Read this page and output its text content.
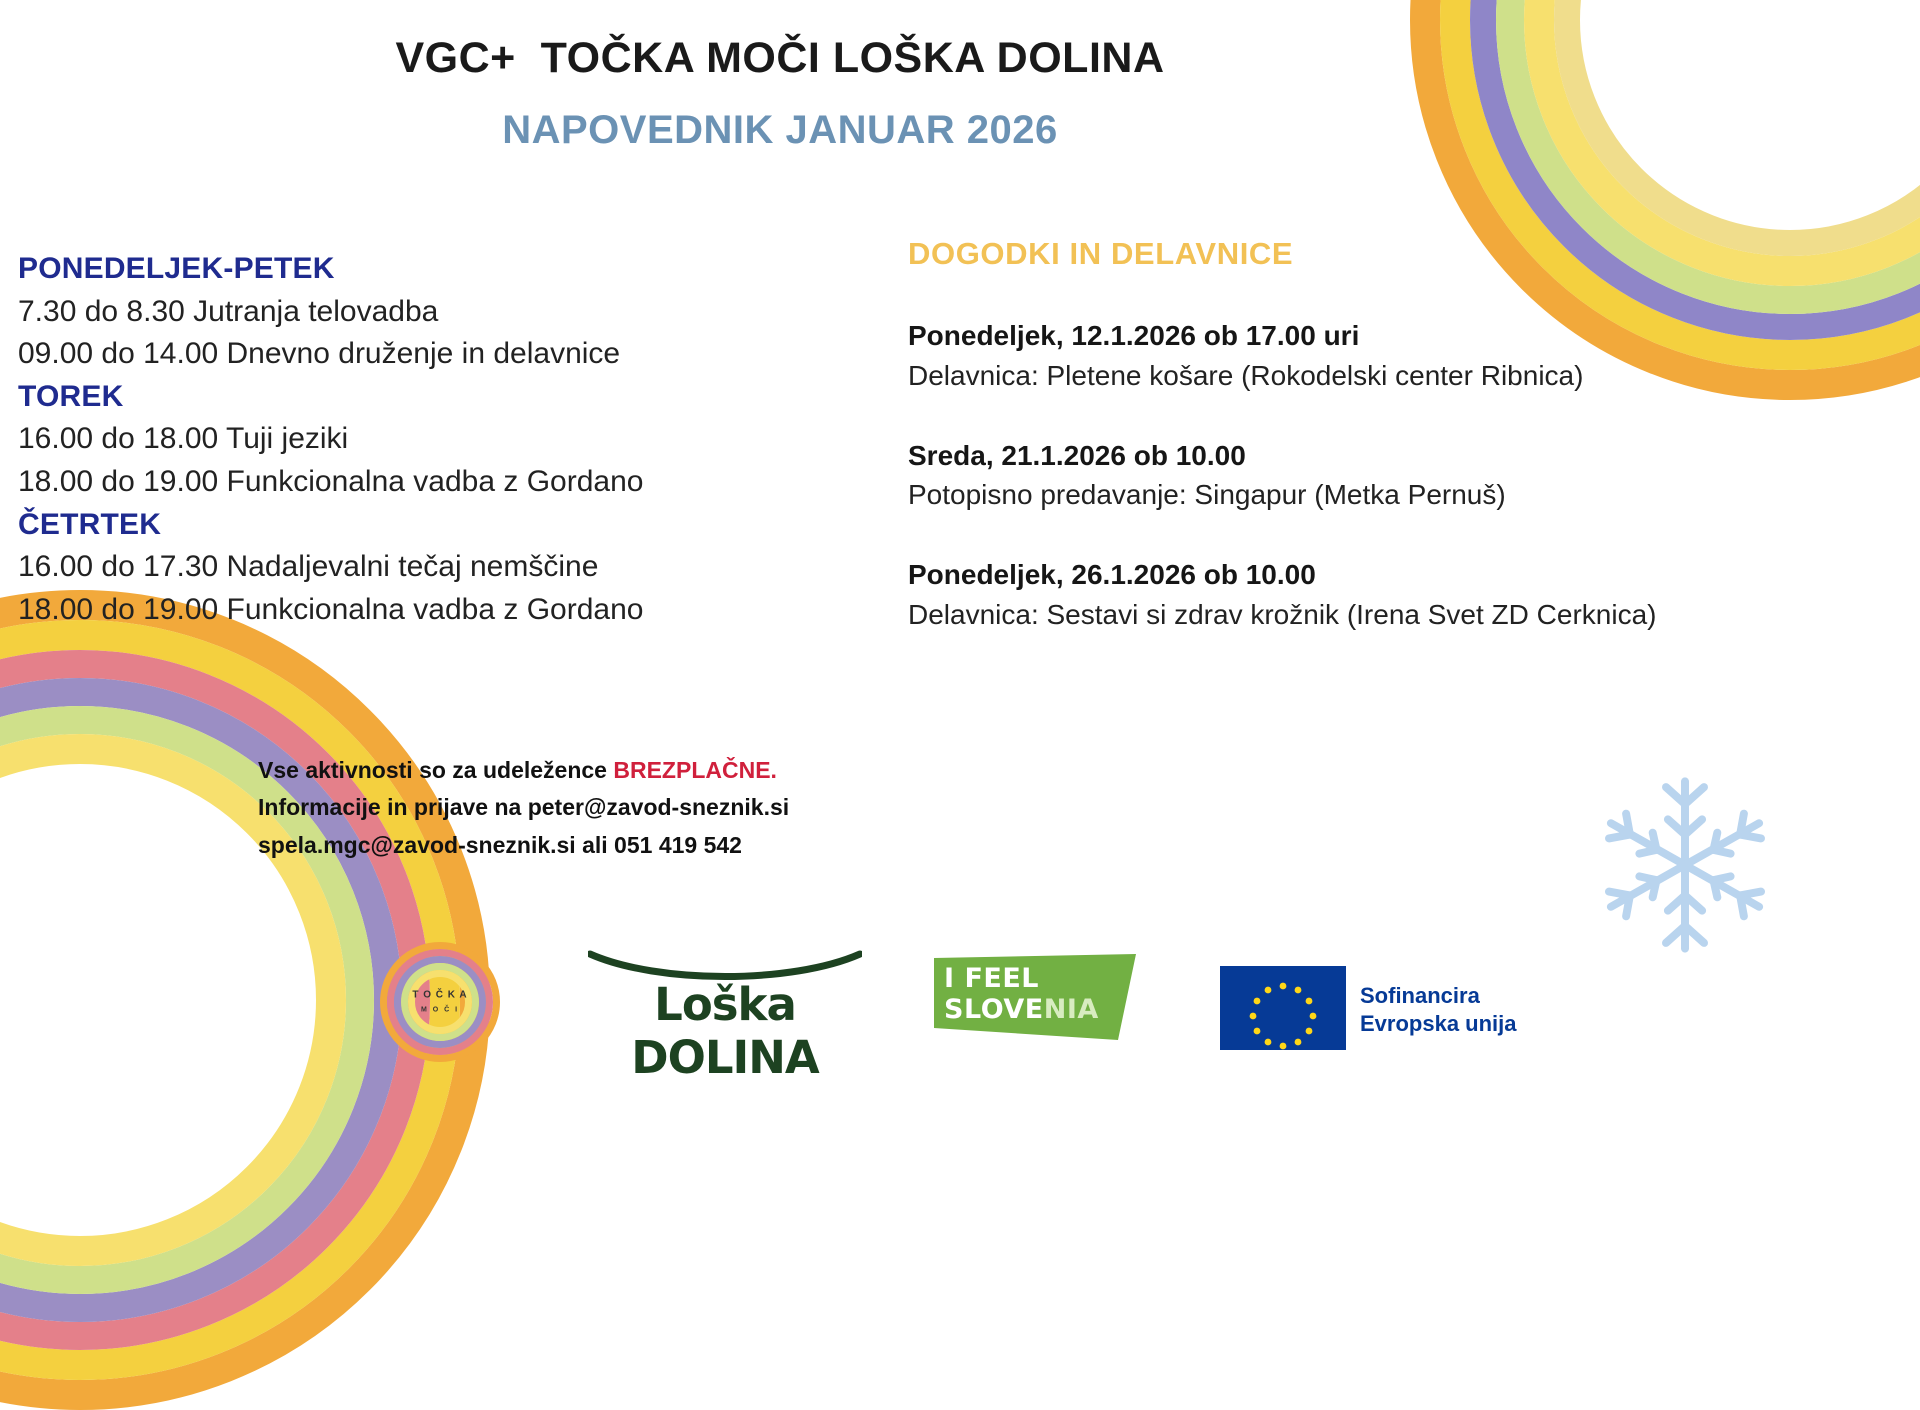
VGC+  TOČKA MOČI LOŠKA DOLINA
NAPOVEDNIK JANUAR 2026
PONEDELJEK-PETEK
7.30 do 8.30 Jutranja telovadba
09.00 do 14.00 Dnevno druženje in delavnice
TOREK
16.00 do 18.00 Tuji jeziki
18.00 do 19.00 Funkcionalna vadba z Gordano
ČETRTEK
16.00 do 17.30 Nadaljevalni tečaj nemščine
18.00 do 19.00 Funkcionalna vadba z Gordano
DOGODKI IN DELAVNICE
Ponedeljek, 12.1.2026 ob 17.00 uri
Delavnica: Pletene košare (Rokodelski center Ribnica)
Sreda, 21.1.2026 ob 10.00
Potopisno predavanje: Singapur (Metka Pernuš)
Ponedeljek, 26.1.2026 ob 10.00
Delavnica: Sestavi si zdrav krožnik (Irena Svet ZD Cerknica)
Vse aktivnosti so za udeležence BREZPLAČNE.
Informacije in prijave na peter@zavod-sneznik.si
spela.mgc@zavod-sneznik.si ali 051 419 542
T O Č K A
M O Č I	Loška DOLINA
I FEEL
SLOVENIA	Sofinancira
Evropska unija
